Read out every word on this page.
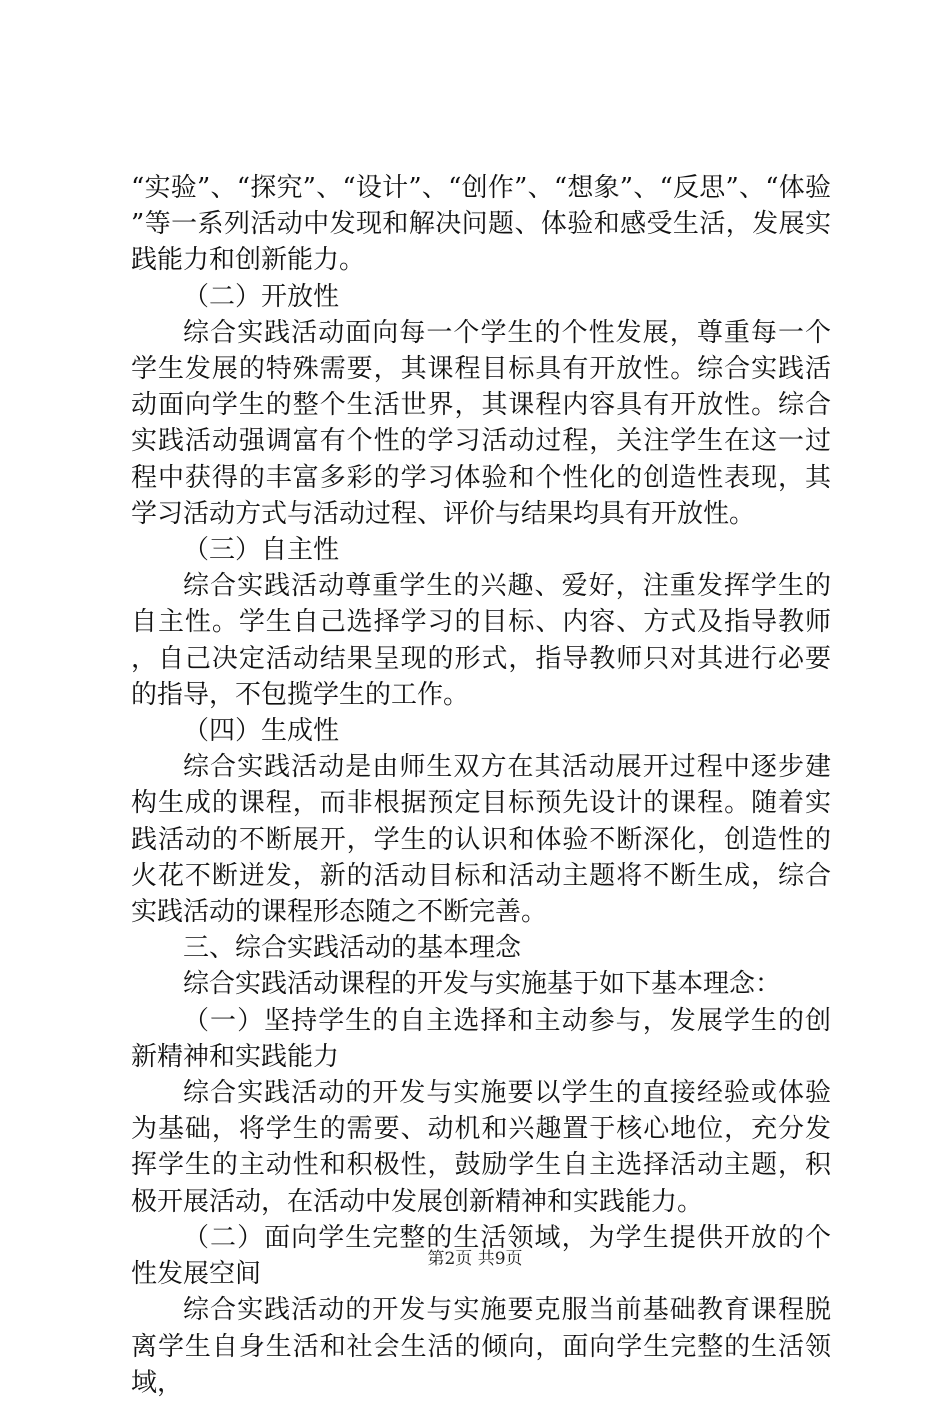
“实验”、“探究”、“设计”、“创作”、“想象”、“反思”、“体验”等一系列活动中发现和解决问题、体验和感受生活，发展实践能力和创新能力。

（二）开放性

综合实践活动面向每一个学生的个性发展，尊重每一个学生发展的特殊需要，其课程目标具有开放性。综合实践活动面向学生的整个生活世界，其课程内容具有开放性。综合实践活动强调富有个性的学习活动过程，关注学生在这一过程中获得的丰富多彩的学习体验和个性化的创造性表现，其学习活动方式与活动过程、评价与结果均具有开放性。

（三）自主性

综合实践活动尊重学生的兴趣、爱好，注重发挥学生的自主性。学生自己选择学习的目标、内容、方式及指导教师，自己决定活动结果呈现的形式，指导教师只对其进行必要的指导，不包揽学生的工作。

（四）生成性

综合实践活动是由师生双方在其活动展开过程中逐步建构生成的课程，而非根据预定目标预先设计的课程。随着实践活动的不断展开，学生的认识和体验不断深化，创造性的火花不断迸发，新的活动目标和活动主题将不断生成，综合实践活动的课程形态随之不断完善。

三、综合实践活动的基本理念

综合实践活动课程的开发与实施基于如下基本理念：

（一）坚持学生的自主选择和主动参与，发展学生的创新精神和实践能力

综合实践活动的开发与实施要以学生的直接经验或体验为基础，将学生的需要、动机和兴趣置于核心地位，充分发挥学生的主动性和积极性，鼓励学生自主选择活动主题，积极开展活动，在活动中发展创新精神和实践能力。

（二）面向学生完整的生活领域，为学生提供开放的个性发展空间

综合实践活动的开发与实施要克服当前基础教育课程脱离学生自身生活和社会生活的倾向，面向学生完整的生活领域，

第2页 共9页
